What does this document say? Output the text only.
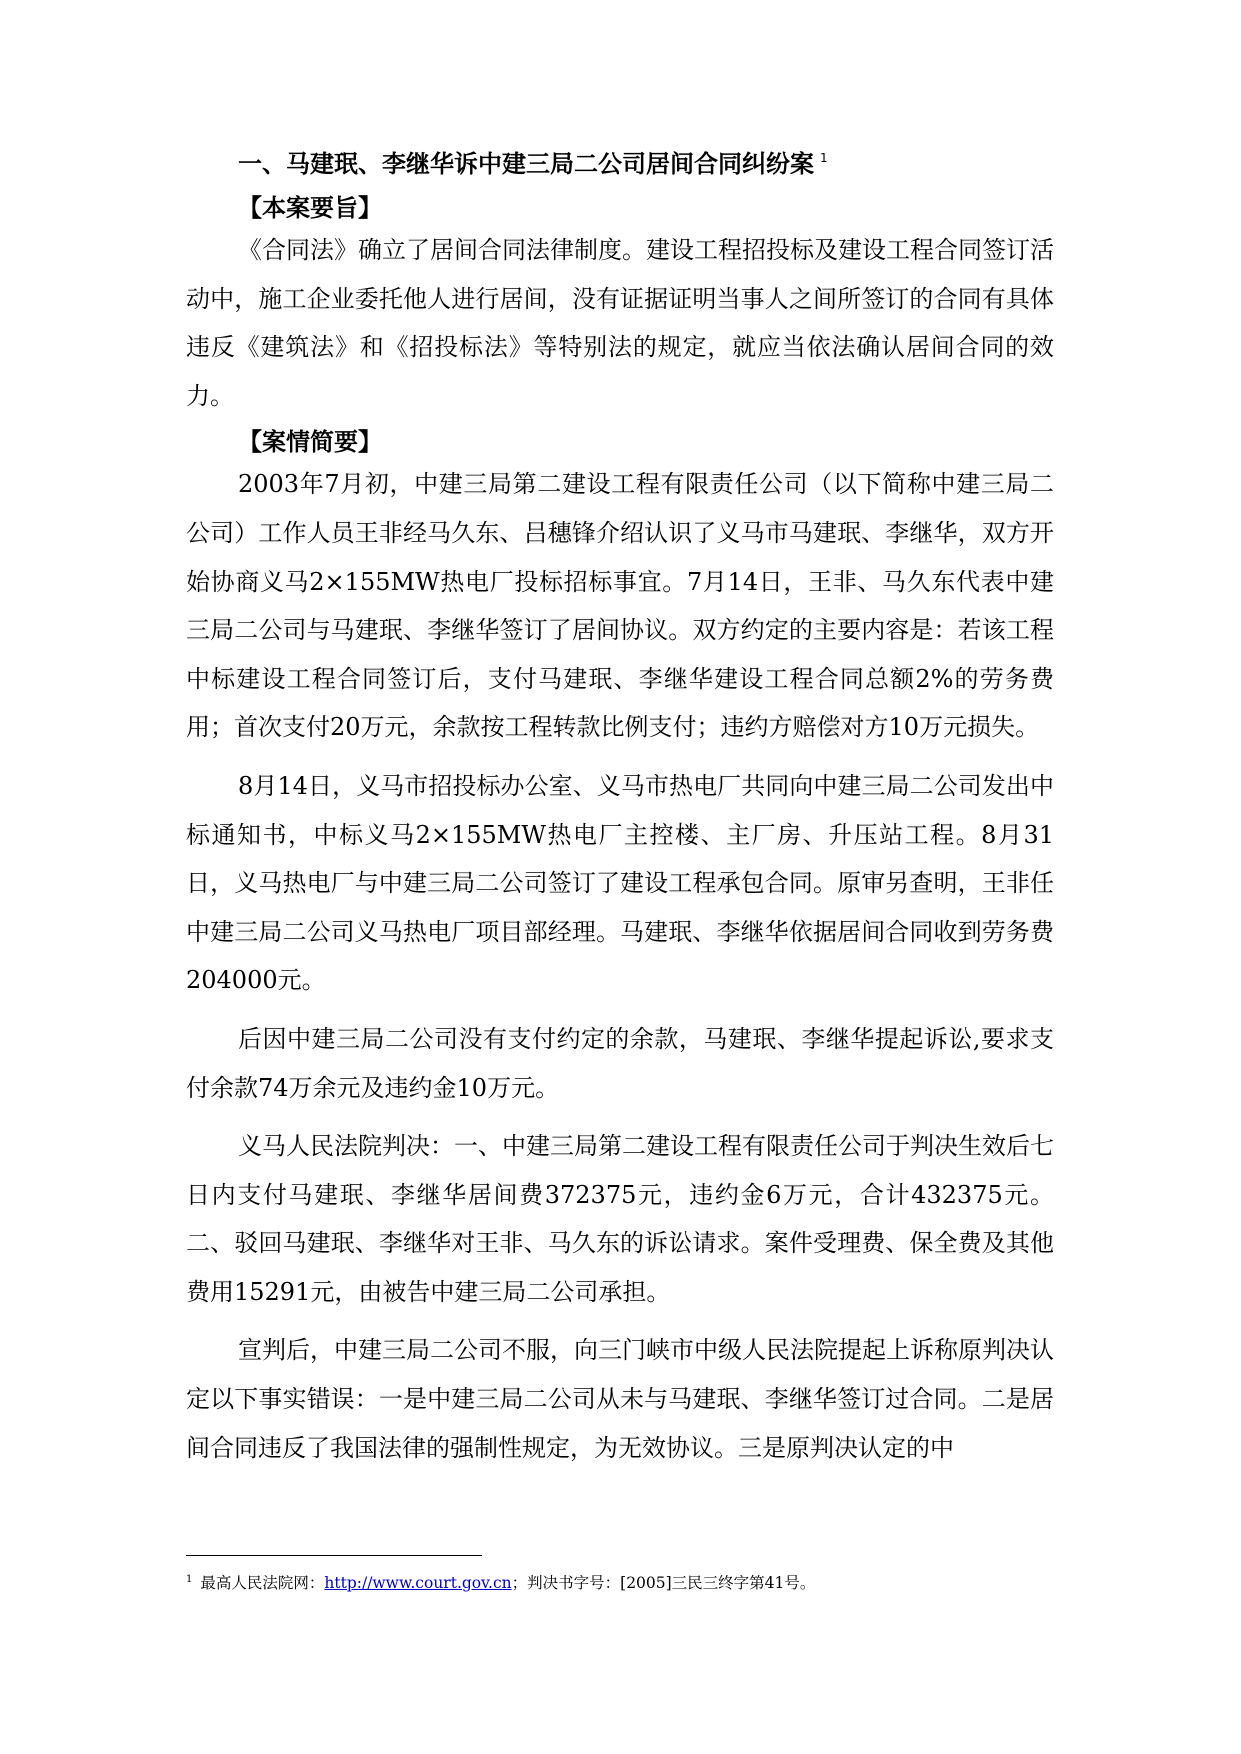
一、马建珉、李继华诉中建三局二公司居间合同纠纷案 $^1$
【本案要旨】

《合同法》确立了居间合同法律制度。建设工程招投标及建设工程合同签订活动中，施工企业委托他人进行居间，没有证据证明当事人之间所签订的合同有具体违反《建筑法》和《招投标法》等特别法的规定，就应当依法确认居间合同的效力。

【案情简要】

2003年7月初，中建三局第二建设工程有限责任公司（以下简称中建三局二公司）工作人员王非经马久东、吕穗锋介绍认识了义马市马建珉、李继华，双方开始协商义马2×155MW热电厂投标招标事宜。7月14日，王非、马久东代表中建三局二公司与马建珉、李继华签订了居间协议。双方约定的主要内容是：若该工程中标建设工程合同签订后，支付马建珉、李继华建设工程合同总额2%的劳务费用；首次支付20万元，余款按工程转款比例支付；违约方赔偿对方10万元损失。

8月14日，义马市招投标办公室、义马市热电厂共同向中建三局二公司发出中标通知书，中标义马2×155MW热电厂主控楼、主厂房、升压站工程。8月31日，义马热电厂与中建三局二公司签订了建设工程承包合同。原审另查明，王非任中建三局二公司义马热电厂项目部经理。马建珉、李继华依据居间合同收到劳务费204000元。

后因中建三局二公司没有支付约定的余款，马建珉、李继华提起诉讼,要求支付余款74万余元及违约金10万元。

义马人民法院判决：一、中建三局第二建设工程有限责任公司于判决生效后七日内支付马建珉、李继华居间费372375元，违约金6万元，合计432375元。二、驳回马建珉、李继华对王非、马久东的诉讼请求。案件受理费、保全费及其他费用15291元，由被告中建三局二公司承担。

宣判后，中建三局二公司不服，向三门峡市中级人民法院提起上诉称原判决认定以下事实错误：一是中建三局二公司从未与马建珉、李继华签订过合同。二是居间合同违反了我国法律的强制性规定，为无效协议。三是原判决认定的中

$^1$ 最高人民法院网：http://www.court.gov.cn；判决书字号：[2005]三民三终字第41号。
